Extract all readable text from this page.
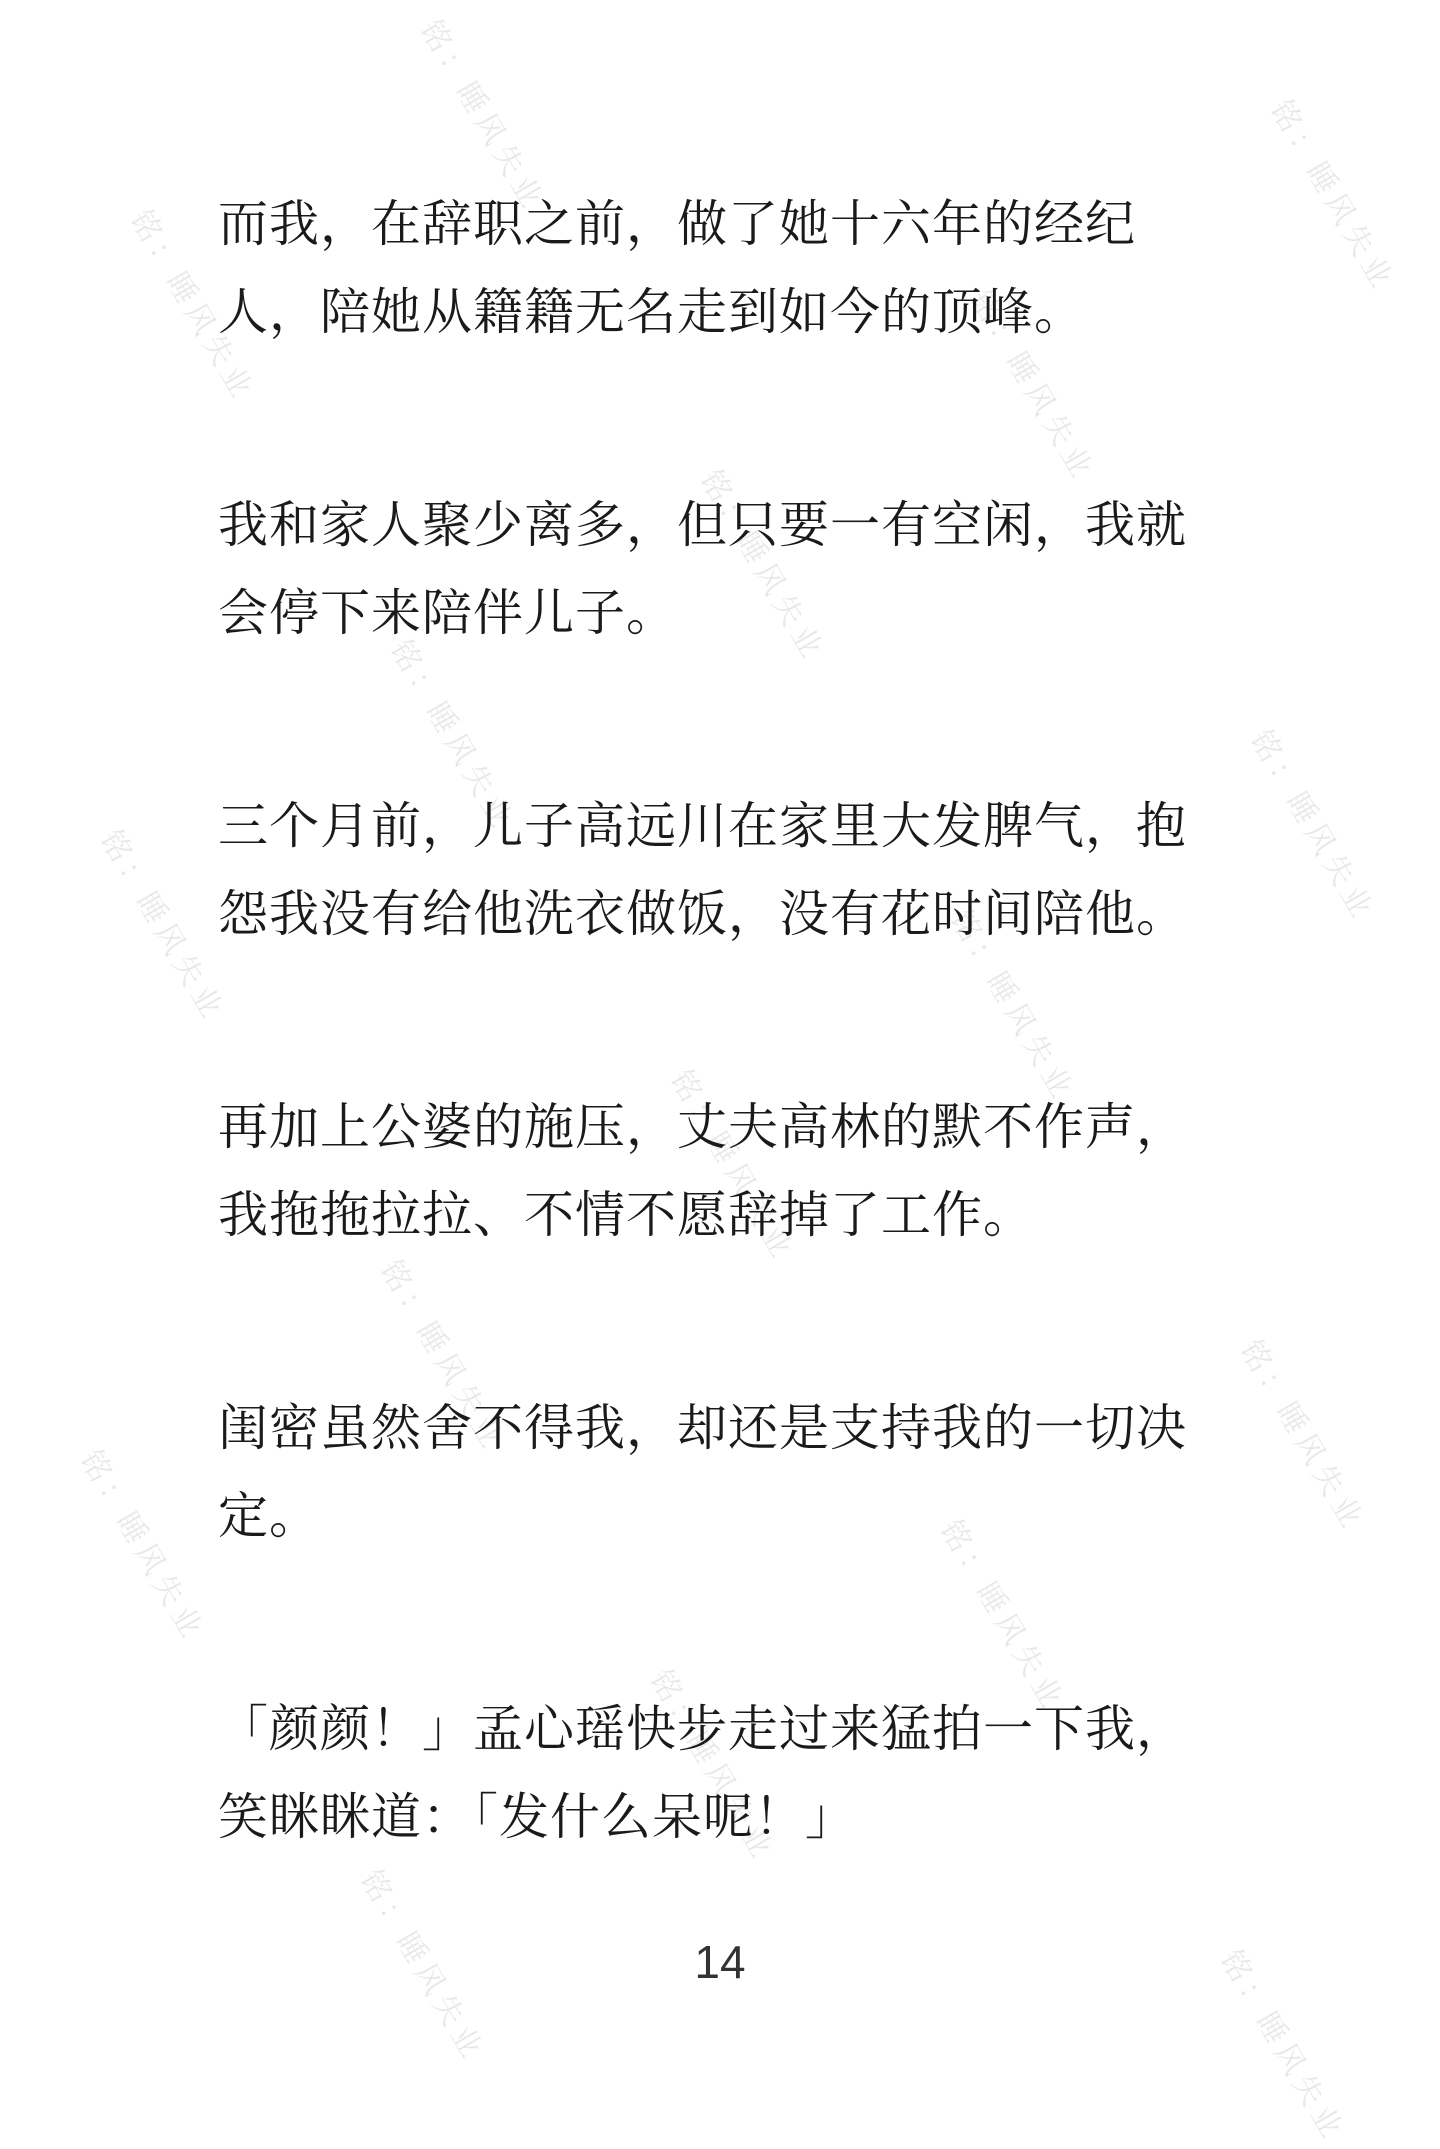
铭：睡风失业	铭：睡风失业
铭：睡风失业	铭：睡风失业
铭：睡风失业
铭：睡风失业	铭：睡风失业
铭：睡风失业	铭：睡风失业
铭：睡风失业
铭：睡风失业	铭：睡风失业
铭：睡风失业	铭：睡风失业
铭：睡风失业
铭：睡风失业	铭：睡风失业

而我，在辞职之前，做了她十六年的经纪人，陪她从籍籍无名走到如今的顶峰。

我和家人聚少离多，但只要一有空闲，我就会停下来陪伴儿子。

三个月前，儿子高远川在家里大发脾气，抱怨我没有给他洗衣做饭，没有花时间陪他。

再加上公婆的施压，丈夫高林的默不作声，我拖拖拉拉、不情不愿辞掉了工作。

闺密虽然舍不得我，却还是支持我的一切决定。

「颜颜！」孟心瑶快步走过来猛拍一下我，笑眯眯道：「发什么呆呢！」

14
